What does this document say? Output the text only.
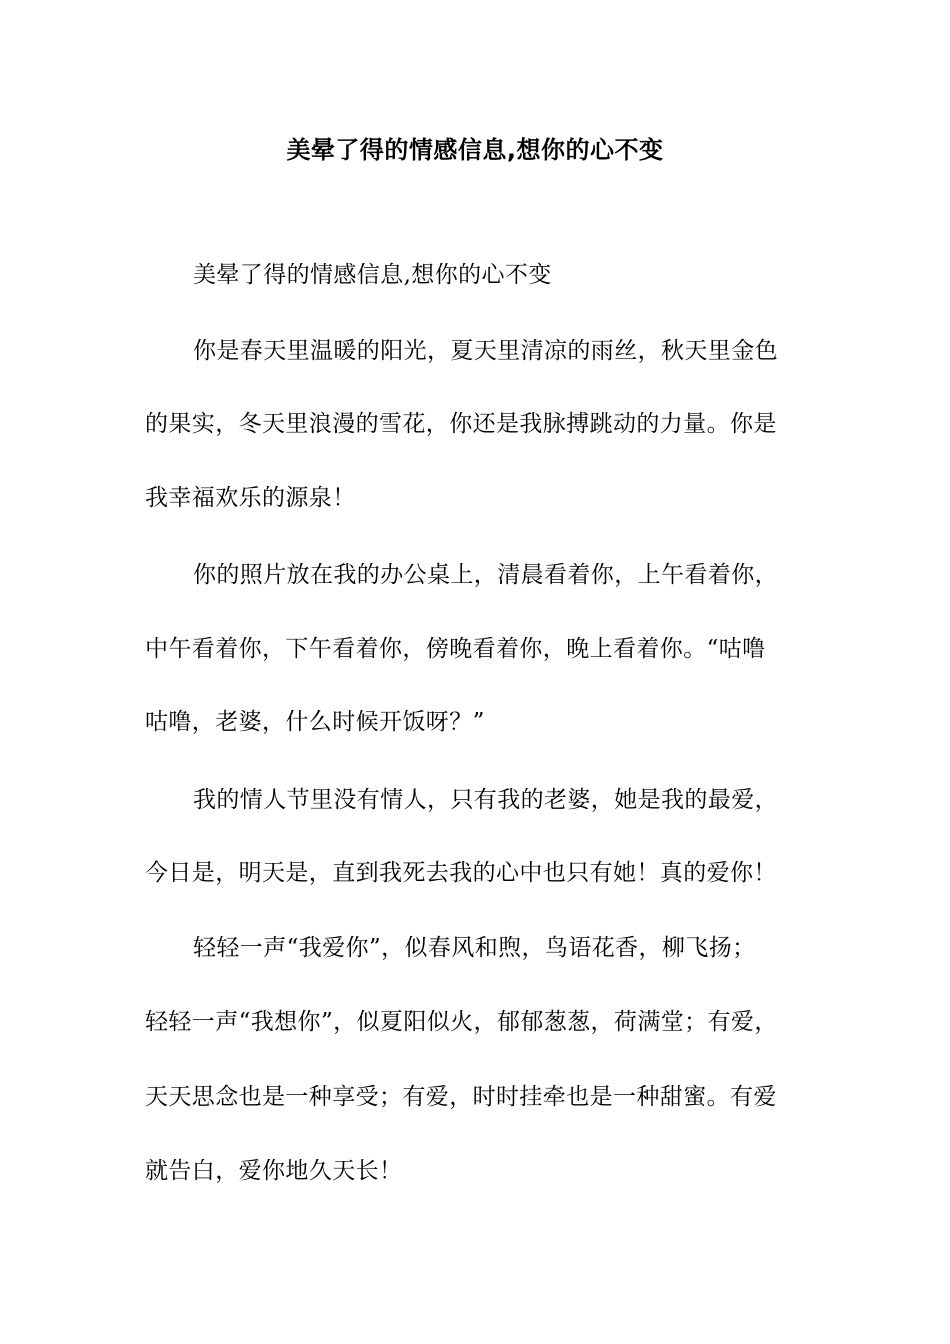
美晕了得的情感信息,想你的心不变
美晕了得的情感信息,想你的心不变
你是春天里温暖的阳光，夏天里清凉的雨丝，秋天里金色
的果实，冬天里浪漫的雪花，你还是我脉搏跳动的力量。你是
我幸福欢乐的源泉！
你的照片放在我的办公桌上，清晨看着你，上午看着你，
中午看着你，下午看着你，傍晚看着你，晚上看着你。“咕噜
咕噜，老婆，什么时候开饭呀？”
我的情人节里没有情人，只有我的老婆，她是我的最爱，
今日是，明天是，直到我死去我的心中也只有她！真的爱你！
轻轻一声“我爱你”，似春风和煦，鸟语花香，柳飞扬；
轻轻一声“我想你”，似夏阳似火，郁郁葱葱，荷满堂；有爱，
天天思念也是一种享受；有爱，时时挂牵也是一种甜蜜。有爱
就告白，爱你地久天长！
